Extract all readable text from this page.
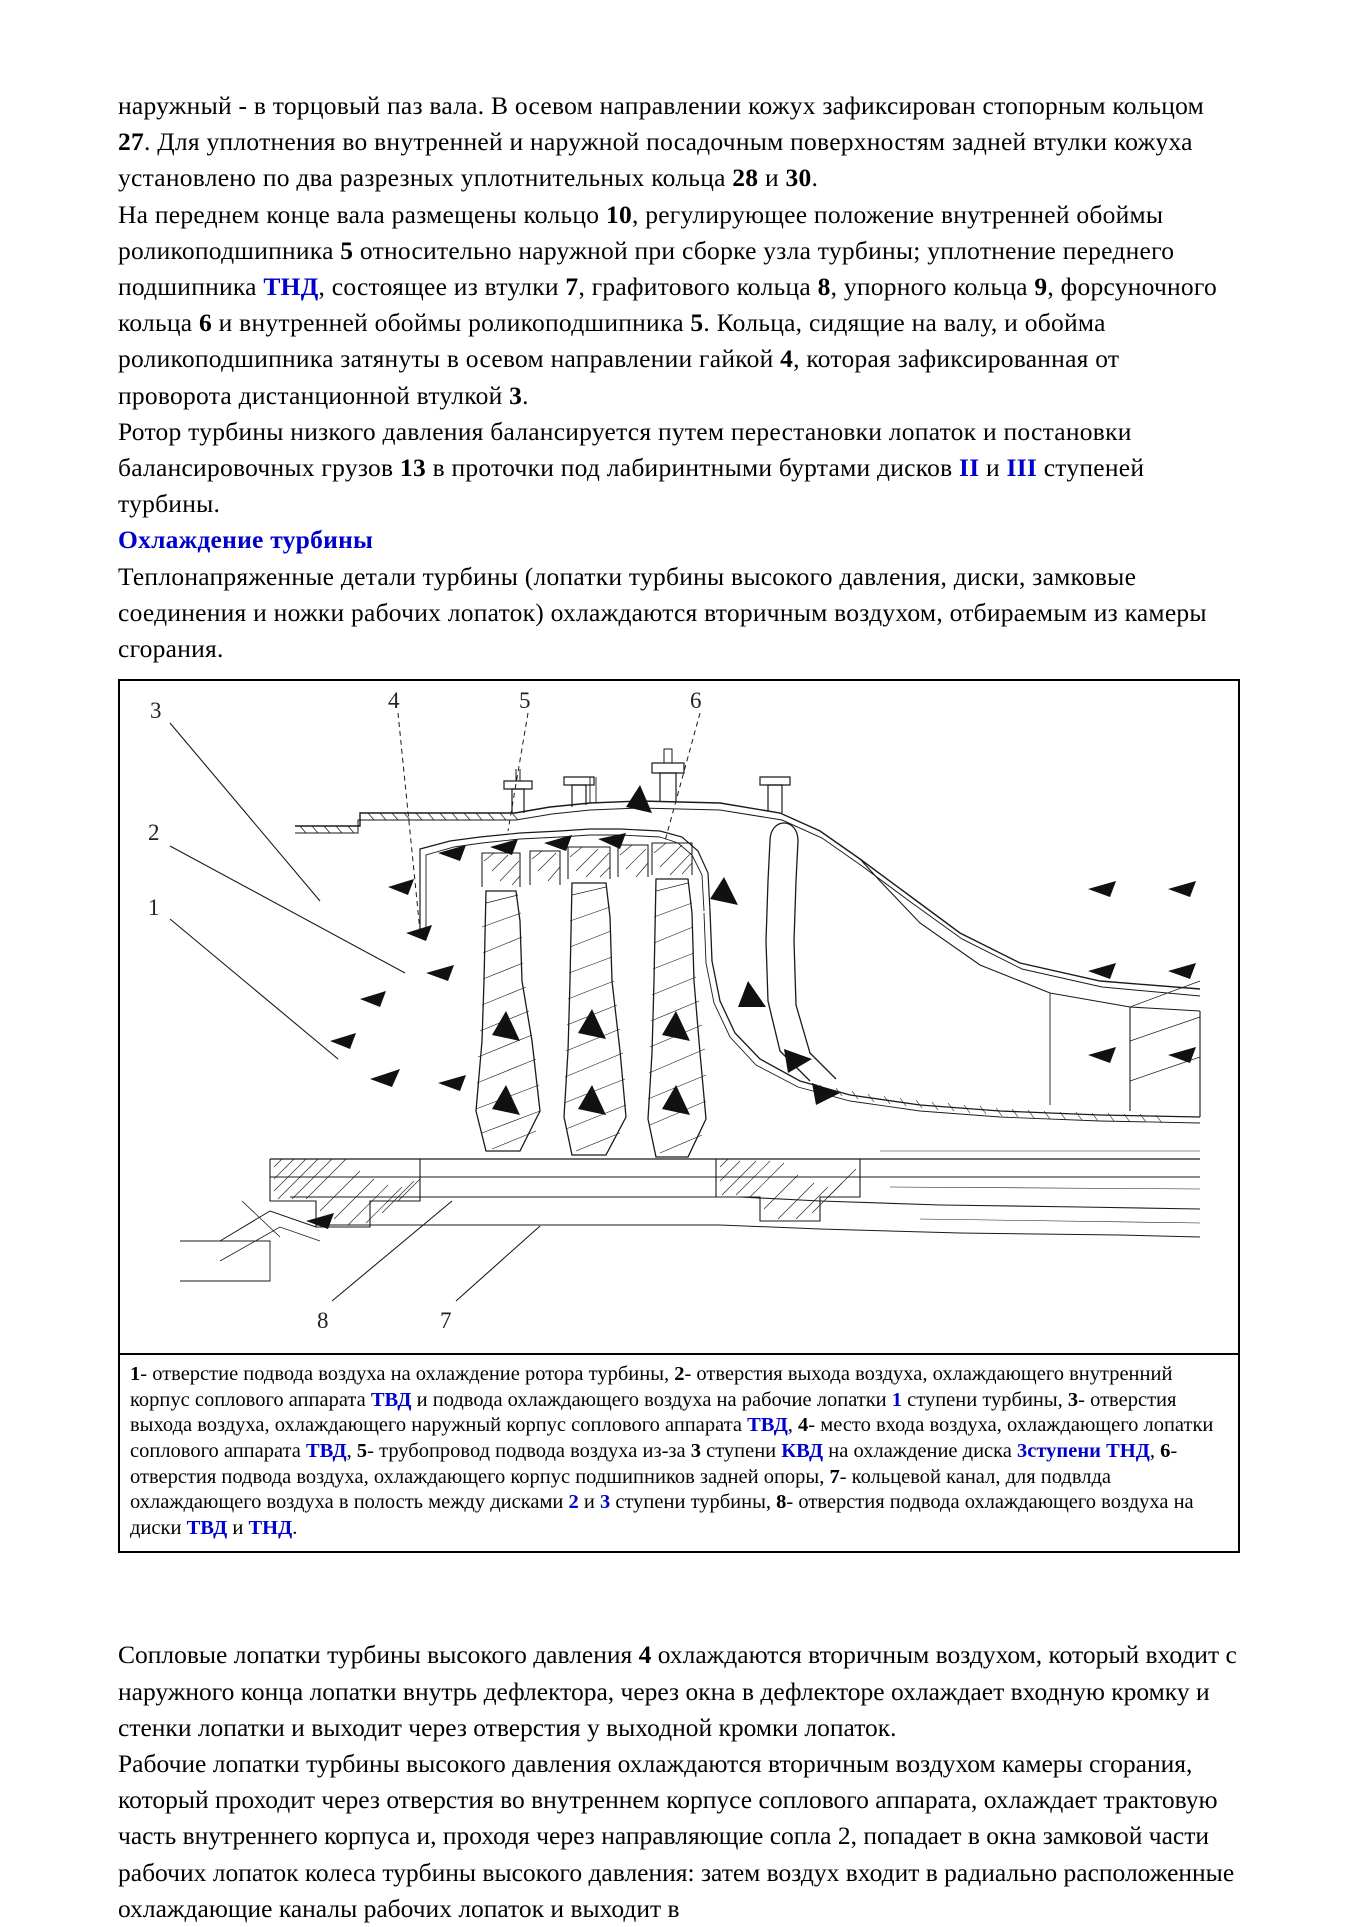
наружный - в торцовый паз вала. В осевом направлении кожух зафиксирован стопорным кольцом 27. Для уплотнения во внутренней и наружной посадочным поверхностям задней втулки кожуха установлено по два разрезных уплотнительных кольца 28 и 30.

На переднем конце вала размещены кольцо 10, регулирующее положение внутренней обоймы роликоподшипника 5 относительно наружной при сборке узла турбины; уплотнение переднего подшипника ТНД, состоящее из втулки 7, графитового кольца 8, упорного кольца 9, форсуночного кольца 6 и внутренней обоймы роликоподшипника 5. Кольца, сидящие на валу, и обойма роликоподшипника затянуты в осевом направлении гайкой 4, которая зафиксированная от проворота дистанционной втулкой 3.

Ротор турбины низкого давления балансируется путем перестановки лопаток и постановки балансировочных грузов 13 в проточки под лабиринтными буртами дисков II и III ступеней турбины.

Охлаждение турбины

Теплонапряженные детали турбины (лопатки турбины высокого давления, диски, замковые соединения и ножки рабочих лопаток) охлаждаются вторичным воздухом, отбираемым из камеры сгорания.

3	4	5	6
2
1
8	7

1- отверстие подвода воздуха на охлаждение ротора турбины, 2- отверстия выхода воздуха, охлаждающего внутренний корпус соплового аппарата ТВД и подвода охлаждающего воздуха на рабочие лопатки 1 ступени турбины, 3- отверстия выхода воздуха, охлаждающего наружный корпус соплового аппарата ТВД, 4- место входа воздуха, охлаждающего лопатки соплового аппарата ТВД, 5- трубопровод подвода воздуха из-за 3 ступени КВД на охлаждение диска 3ступени ТНД, 6- отверстия подвода воздуха, охлаждающего корпус подшипников задней опоры, 7- кольцевой канал, для подвлда охлаждающего воздуха в полость между дисками 2 и 3 ступени турбины, 8- отверстия подвода охлаждающего воздуха на диски ТВД и ТНД.

Сопловые лопатки турбины высокого давления 4 охлаждаются вторичным воздухом, который входит с наружного конца лопатки внутрь дефлектора, через окна в дефлекторе охлаждает входную кромку и стенки лопатки и выходит через отверстия у выходной кромки лопаток.

Рабочие лопатки турбины высокого давления охлаждаются вторичным воздухом камеры сгорания, который проходит через отверстия во внутреннем корпусе соплового аппарата, охлаждает трактовую часть внутреннего корпуса и, проходя через направляющие сопла 2, попадает в окна замковой части рабочих лопаток колеса турбины высокого давления: затем воздух входит в радиально расположенные охлаждающие каналы рабочих лопаток и выходит в
